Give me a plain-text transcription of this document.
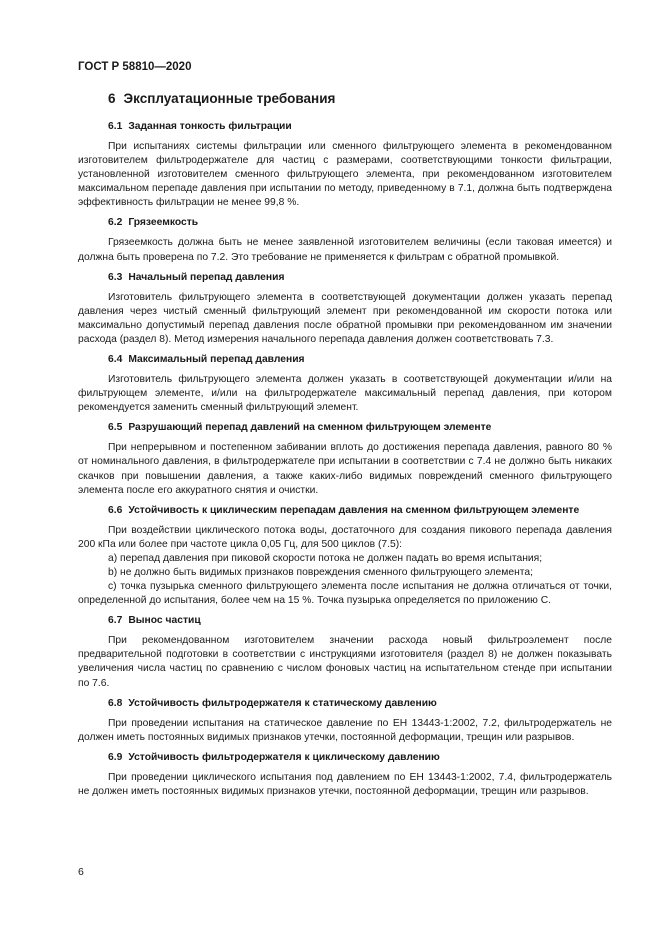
ГОСТ Р 58810—2020

6 Эксплуатационные требования
6.1 Заданная тонкость фильтрации

При испытаниях системы фильтрации или сменного фильтрующего элемента в рекомендованном изготовителем фильтродержателе для частиц с размерами, соответствующими тонкости фильтрации, установленной изготовителем сменного фильтрующего элемента, при рекомендованном изготовителем максимальном перепаде давления при испытании по методу, приведенному в 7.1, должна быть подтверждена эффективность фильтрации не менее 99,8 %.

6.2 Грязеемкость

Грязеемкость должна быть не менее заявленной изготовителем величины (если таковая имеется) и должна быть проверена по 7.2. Это требование не применяется к фильтрам с обратной промывкой.

6.3 Начальный перепад давления

Изготовитель фильтрующего элемента в соответствующей документации должен указать перепад давления через чистый сменный фильтрующий элемент при рекомендованной им скорости потока или максимально допустимый перепад давления после обратной промывки при рекомендованном им значении расхода (раздел 8). Метод измерения начального перепада давления должен соответствовать 7.3.

6.4 Максимальный перепад давления

Изготовитель фильтрующего элемента должен указать в соответствующей документации и/или на фильтрующем элементе, и/или на фильтродержателе максимальный перепад давления, при котором рекомендуется заменить сменный фильтрующий элемент.

6.5 Разрушающий перепад давлений на сменном фильтрующем элементе

При непрерывном и постепенном забивании вплоть до достижения перепада давления, равного 80 % от номинального давления, в фильтродержателе при испытании в соответствии с 7.4 не должно быть никаких скачков при повышении давления, а также каких-либо видимых повреждений сменного фильтрующего элемента после его аккуратного снятия и очистки.

6.6 Устойчивость к циклическим перепадам давления на сменном фильтрующем элементе

При воздействии циклического потока воды, достаточного для создания пикового перепада давления 200 кПа или более при частоте цикла 0,05 Гц, для 500 циклов (7.5):

a) перепад давления при пиковой скорости потока не должен падать во время испытания;

b) не должно быть видимых признаков повреждения сменного фильтрующего элемента;

c) точка пузырька сменного фильтрующего элемента после испытания не должна отличаться от точки, определенной до испытания, более чем на 15 %. Точка пузырька определяется по приложению С.

6.7 Вынос частиц

При рекомендованном изготовителем значении расхода новый фильтроэлемент после предварительной подготовки в соответствии с инструкциями изготовителя (раздел 8) не должен показывать увеличения числа частиц по сравнению с числом фоновых частиц на испытательном стенде при испытании по 7.6.

6.8 Устойчивость фильтродержателя к статическому давлению

При проведении испытания на статическое давление по ЕН 13443-1:2002, 7.2, фильтродержатель не должен иметь постоянных видимых признаков утечки, постоянной деформации, трещин или разрывов.

6.9 Устойчивость фильтродержателя к циклическому давлению

При проведении циклического испытания под давлением по ЕН 13443-1:2002, 7.4, фильтродержатель не должен иметь постоянных видимых признаков утечки, постоянной деформации, трещин или разрывов.

6
